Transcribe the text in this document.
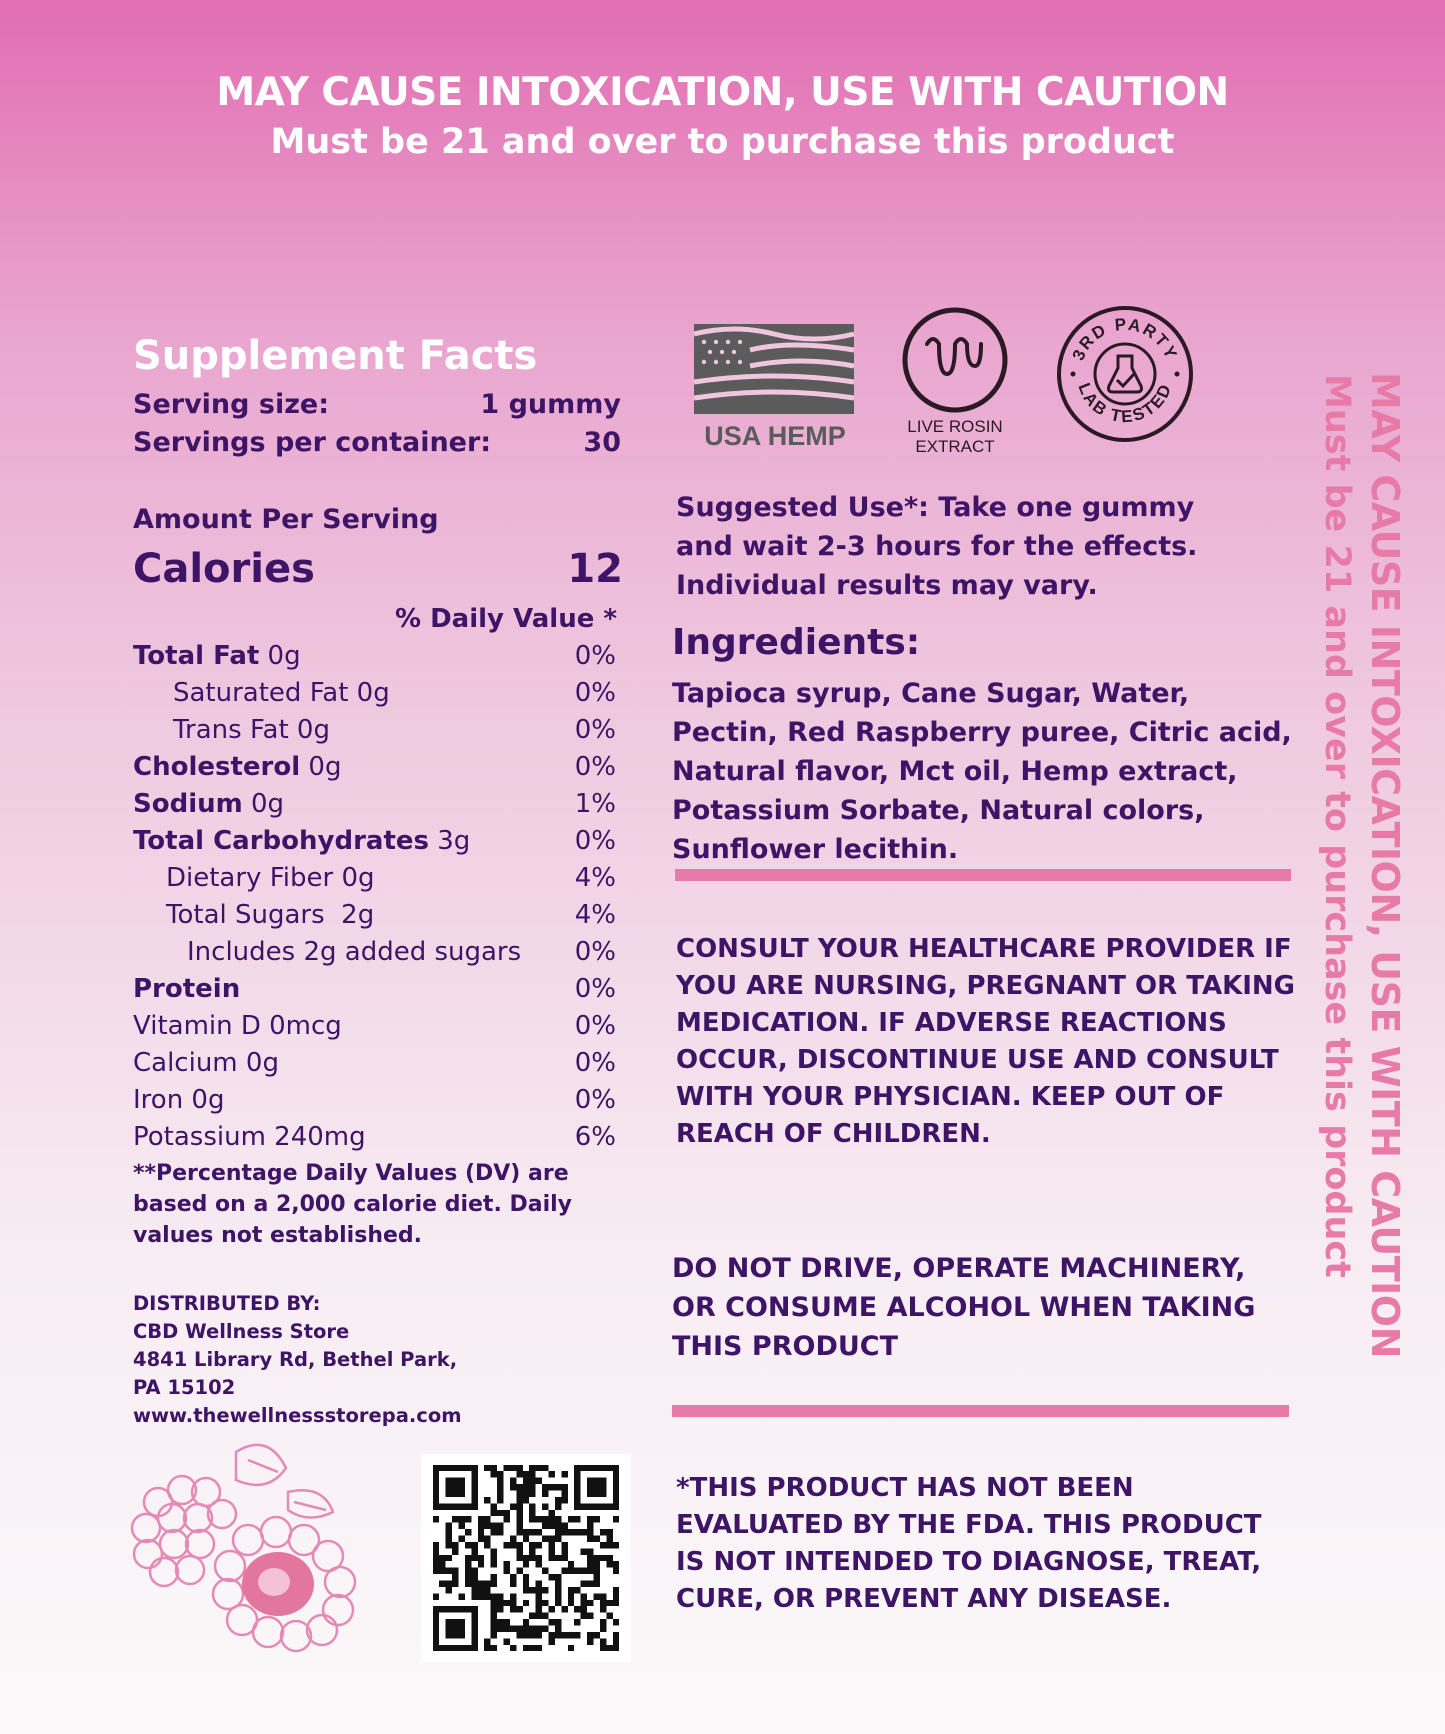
MAY CAUSE INTOXICATION, USE WITH CAUTION
Must be 21 and over to purchase this product
Supplement Facts
Serving size:	1 gummy
Servings per container:	30
Amount Per Serving
Calories	12
% Daily Value *
Total Fat 0g	0%
Saturated Fat 0g	0%
Trans Fat 0g	0%
Cholesterol 0g	0%
Sodium 0g	1%
Total Carbohydrates 3g	0%
Dietary Fiber 0g	4%
Total Sugars  2g	4%
Includes 2g added sugars	0%
Protein	0%
Vitamin D 0mcg	0%
Calcium 0g	0%
Iron 0g	0%
Potassium 240mg	6%
**Percentage Daily Values (DV) are based on a 2,000 calorie diet. Daily values not established.
DISTRIBUTED BY:
CBD Wellness Store
4841 Library Rd, Bethel Park,
PA 15102
www.thewellnessstorepa.com
USA HEMP	LIVE ROSIN
EXTRACT
3RD PARTY
LAB TESTED
Suggested Use*: Take one gummy and wait 2-3 hours for the effects. Individual results may vary.
Ingredients:
Tapioca syrup, Cane Sugar, Water, Pectin, Red Raspberry puree, Citric acid, Natural flavor, Mct oil, Hemp extract, Potassium Sorbate, Natural colors, Sunflower lecithin.
CONSULT YOUR HEALTHCARE PROVIDER IF YOU ARE NURSING, PREGNANT OR TAKING MEDICATION. IF ADVERSE REACTIONS OCCUR, DISCONTINUE USE AND CONSULT WITH YOUR PHYSICIAN. KEEP OUT OF REACH OF CHILDREN.
DO NOT DRIVE, OPERATE MACHINERY, OR CONSUME ALCOHOL WHEN TAKING THIS PRODUCT
*THIS PRODUCT HAS NOT BEEN EVALUATED BY THE FDA. THIS PRODUCT IS NOT INTENDED TO DIAGNOSE, TREAT, CURE, OR PREVENT ANY DISEASE.
MAY CAUSE INTOXICATION, USE WITH CAUTION
Must be 21 and over to purchase this product
